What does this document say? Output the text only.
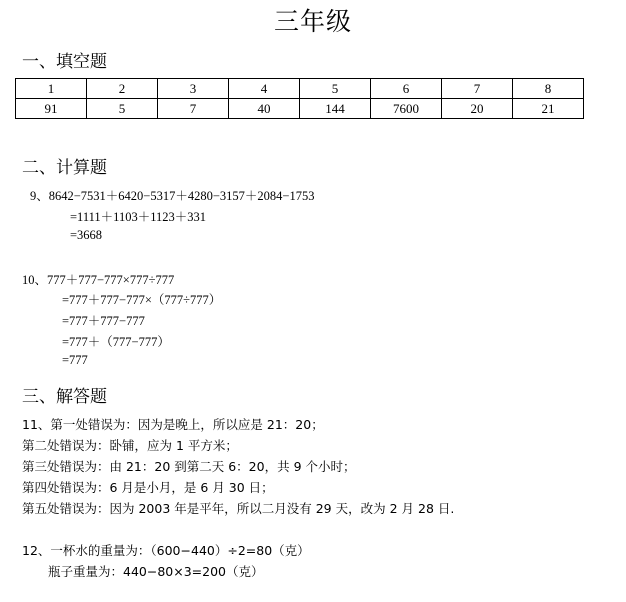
三年级
一、填空题
1	2	3	4	5	6	7	8
91	5	7	40	144	7600	20	21
二、计算题
9、8642−7531＋6420−5317＋4280−3157＋2084−1753
=1111＋1103＋1123＋331
=3668
10、777＋777−777×777÷777
=777＋777−777×（777÷777）
=777＋777−777
=777＋（777−777）
=777
三、解答题
11、第一处错误为：因为是晚上，所以应是 21：20；
第二处错误为：卧铺，应为 1 平方米；
第三处错误为：由 21：20 到第二天 6：20，共 9 个小时；
第四处错误为：6 月是小月，是 6 月 30 日；
第五处错误为：因为 2003 年是平年，所以二月没有 29 天，改为 2 月 28 日.
12、一杯水的重量为：（600−440）÷2=80（克）
瓶子重量为：440−80×3=200（克）
